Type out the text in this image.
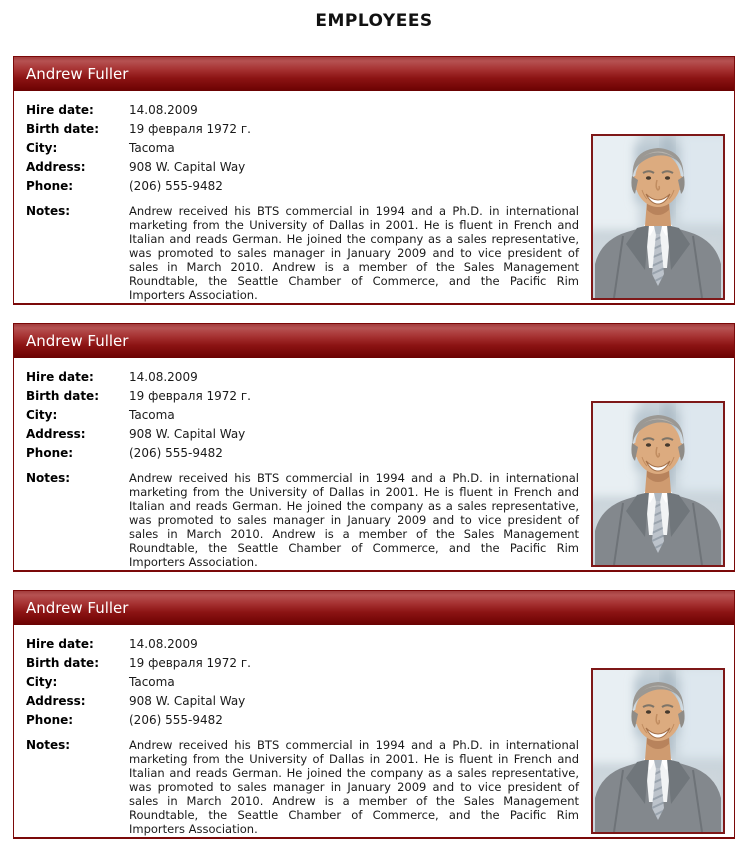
EMPLOYEES
Andrew Fuller
Hire date:	14.08.2009
Birth date:	19 февраля 1972 г.
City:	Tacoma
Address:	908 W. Capital Way
Phone:	(206) 555-9482
Notes:	Andrew received his BTS commercial in 1994 and a Ph.D. in international marketing from the University of Dallas in 2001. He is fluent in French and Italian and reads German. He joined the company as a sales representative, was promoted to sales manager in January 2009 and to vice president of sales in March 2010. Andrew is a member of the Sales Management Roundtable, the Seattle Chamber of Commerce, and the Pacific Rim Importers Association.
Andrew Fuller
Hire date:	14.08.2009
Birth date:	19 февраля 1972 г.
City:	Tacoma
Address:	908 W. Capital Way
Phone:	(206) 555-9482
Notes:	Andrew received his BTS commercial in 1994 and a Ph.D. in international marketing from the University of Dallas in 2001. He is fluent in French and Italian and reads German. He joined the company as a sales representative, was promoted to sales manager in January 2009 and to vice president of sales in March 2010. Andrew is a member of the Sales Management Roundtable, the Seattle Chamber of Commerce, and the Pacific Rim Importers Association.
Andrew Fuller
Hire date:	14.08.2009
Birth date:	19 февраля 1972 г.
City:	Tacoma
Address:	908 W. Capital Way
Phone:	(206) 555-9482
Notes:	Andrew received his BTS commercial in 1994 and a Ph.D. in international marketing from the University of Dallas in 2001. He is fluent in French and Italian and reads German. He joined the company as a sales representative, was promoted to sales manager in January 2009 and to vice president of sales in March 2010. Andrew is a member of the Sales Management Roundtable, the Seattle Chamber of Commerce, and the Pacific Rim Importers Association.
